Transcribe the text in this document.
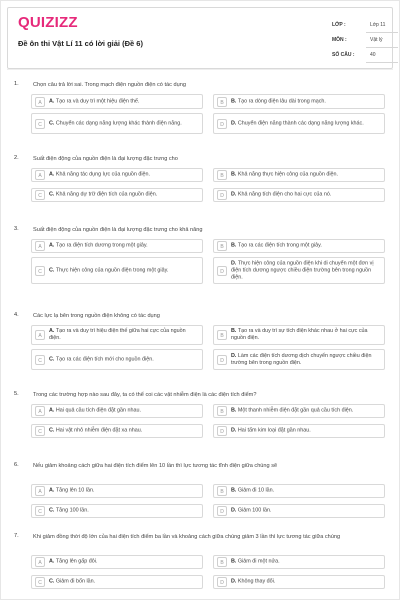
QUIZIZZ
Đề ôn thi Vật Lí 11 có lời giải (Đề 6)
LỚP :	Lớp 11
MÔN :	Vật lý
SỐ CÂU :	40
1.	Chọn câu trả lời sai. Trong mạch điện nguồn điện có tác dụng
A	A. Tạo ra và duy trì một hiệu điện thế.	B	B. Tạo ra dòng điện lâu dài trong mạch.
C	C. Chuyển các dạng năng lượng khác thành điện năng.	D	D. Chuyển điện năng thành các dạng năng lượng khác.
2.	Suất điện động của nguồn điện là đại lượng đặc trưng cho
A	A. Khả năng tác dụng lực của nguồn điện.	B	B. Khả năng thực hiện công của nguồn điện.
C	C. Khả năng dự trữ điện tích của nguồn điện.	D	D. Khả năng tích điện cho hai cực của nó.
3.	Suất điện động của nguồn điện là đại lượng đặc trưng cho khả năng
A	A. Tạo ra điện tích dương trong một giây.	B	B. Tạo ra các điện tích trong một giây.
C	C. Thực hiện công của nguồn điện trong một giây.	D
D. Thực hiện công của nguồn điện khi di chuyển một đơn vị điện tích dương ngược chiều điện trường bên trong nguồn điện.
4.	Các lực lạ bên trong nguồn điện không có tác dụng
A
A. Tạo ra và duy trì hiệu điện thế giữa hai cực của nguồn điện.	B
B. Tạo ra và duy trì sự tích điện khác nhau ở hai cực của nguồn điện.
C	C. Tạo ra các điện tích mới cho nguồn điện.	D
D. Làm các điện tích dương dịch chuyển ngược chiều điện trường bên trong nguồn điện.
5.	Trong các trường hợp nào sau đây, ta có thể coi các vật nhiễm điện là các điện tích điểm?
A	A. Hai quả cầu tích điện đặt gần nhau.	B	B. Một thanh nhiễm điện đặt gần quả cầu tích điện.
C	C. Hai vật nhỏ nhiễm điện đặt xa nhau.	D	D. Hai tấm kim loại đặt gần nhau.
6.	Nếu giảm khoảng cách giữa hai điện tích điểm lên 10 lần thì lực tương tác tĩnh điện giữa chúng sẽ
A	A. Tăng lên 10 lần.	B	B. Giảm đi 10 lần.
C	C. Tăng 100 lần.	D	D. Giảm 100 lần.
7.	Khi giảm đồng thời độ lớn của hai điện tích điểm ba lần và khoảng cách giữa chúng giảm 3 lần thì lực tương tác giữa chúng
A	A. Tăng lên gấp đôi.	B	B. Giảm đi một nửa.
C	C. Giảm đi bốn lần.	D	D. Không thay đổi.
